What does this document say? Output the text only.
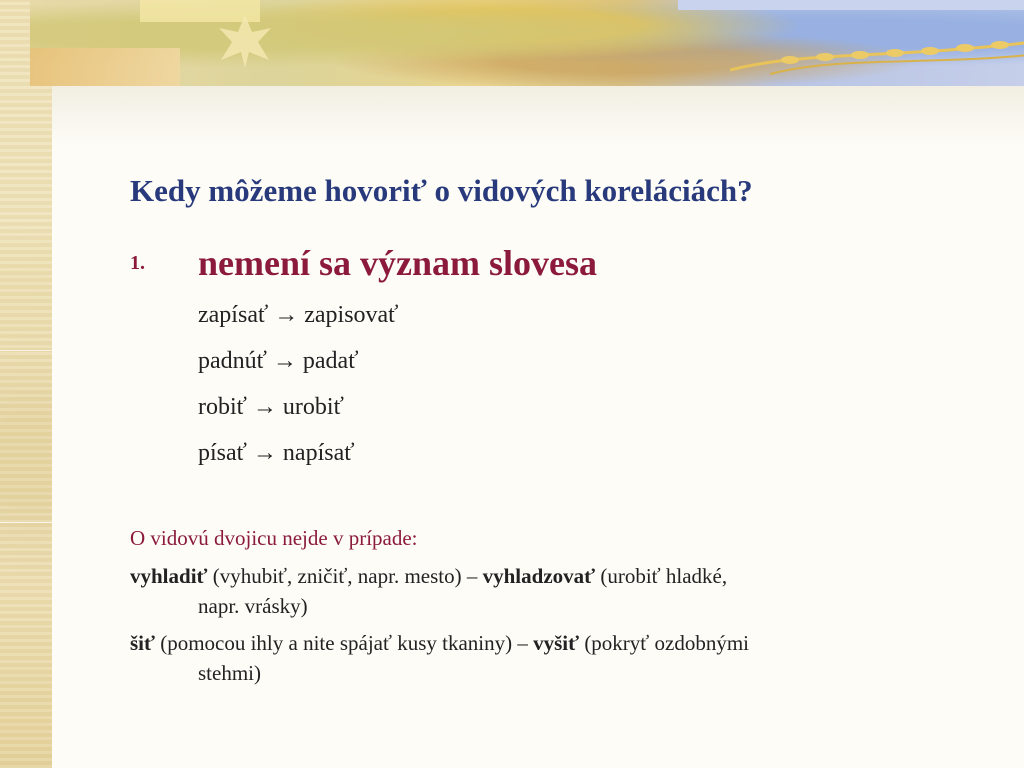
Kedy môžeme hovoriť o vidových koreláciách?
1. nemení sa význam slovesa
zapísať → zapisovať
padnúť → padať
robiť → urobiť
písať → napísať
O vidovú dvojicu nejde v prípade:
vyhladiť (vyhubiť, zničiť, napr. mesto) – vyhladzovať (urobiť hladké,
napr. vrásky)
šiť (pomocou ihly a nite spájať kusy tkaniny) – vyšiť (pokryť ozdobnými
stehmi)
